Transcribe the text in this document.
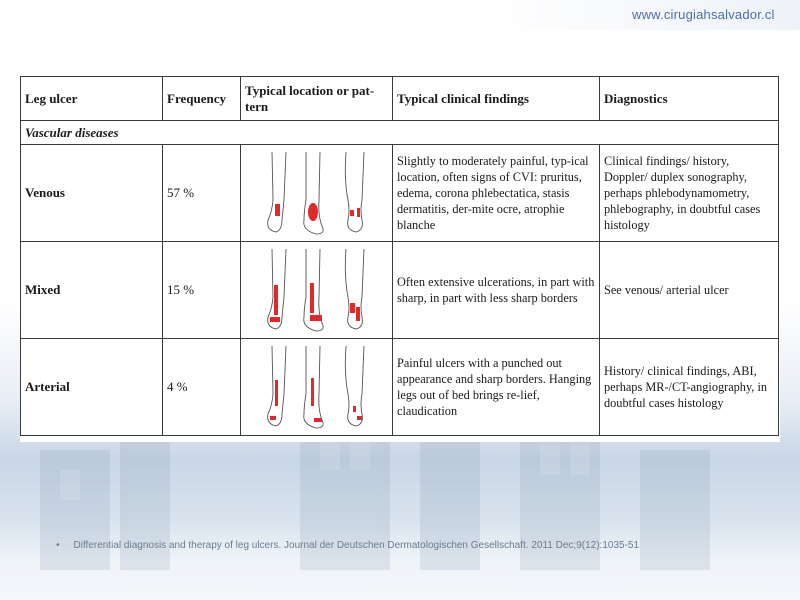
www.cirugiahsalvador.cl
Leg ulcer	Frequency	Typical location or pat-tern	Typical clinical findings	Diagnostics
Vascular diseases				
Venous	57 %		Slightly to moderately painful, typ-ical location, often signs of CVI: pruritus, edema, corona phlebectatica, stasis dermatitis, der-mite ocre, atrophie blanche	Clinical findings/ history, Doppler/ duplex sonography, perhaps phlebodynamometry, phlebography, in doubtful cases histology
Mixed	15 %		Often extensive ulcerations, in part with sharp, in part with less sharp borders	See venous/ arterial ulcer
Arterial	4 %		Painful ulcers with a punched out appearance and sharp borders. Hanging legs out of bed brings re-lief, claudication	History/ clinical findings, ABI, perhaps MR-/CT-angiography, in doubtful cases histology
• Differential diagnosis and therapy of leg ulcers. Journal der Deutschen Dermatologischen Gesellschaft. 2011 Dec;9(12):1035-51
